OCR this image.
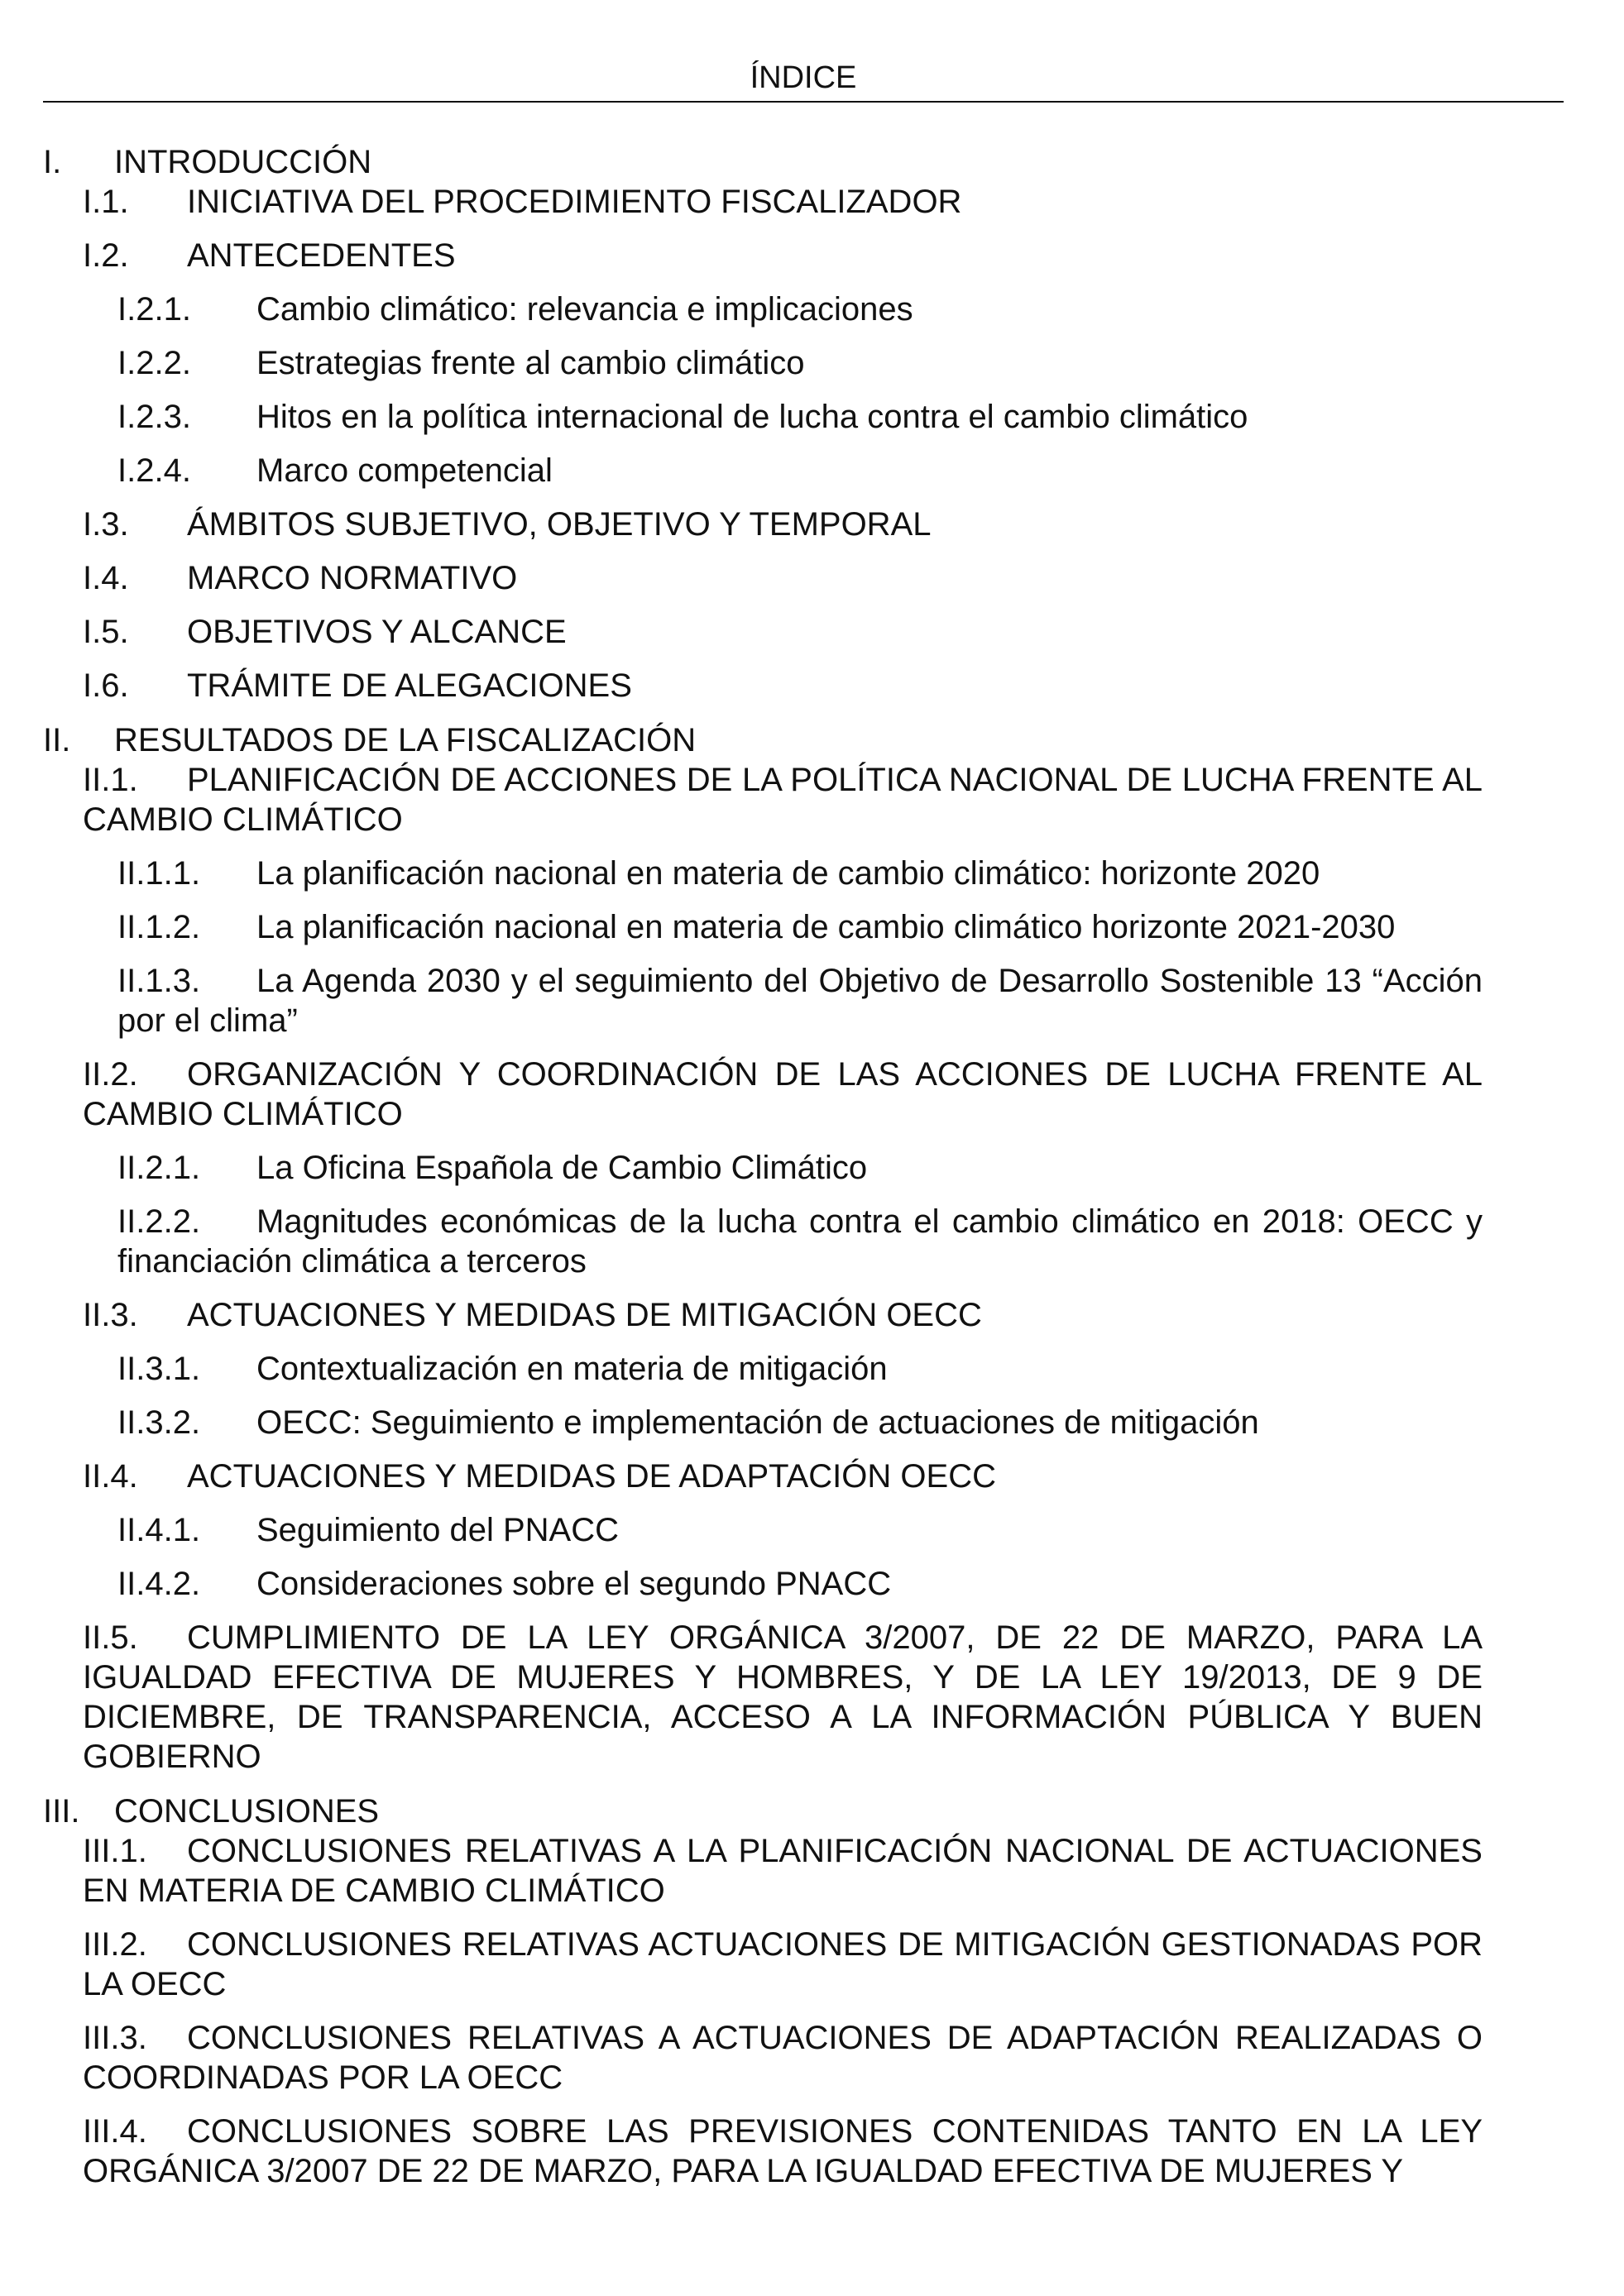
ÍNDICE
I. INTRODUCCIÓN
I.1. INICIATIVA DEL PROCEDIMIENTO FISCALIZADOR
I.2. ANTECEDENTES
I.2.1. Cambio climático: relevancia e implicaciones
I.2.2. Estrategias frente al cambio climático
I.2.3. Hitos en la política internacional de lucha contra el cambio climático
I.2.4. Marco competencial
I.3. ÁMBITOS SUBJETIVO, OBJETIVO Y TEMPORAL
I.4. MARCO NORMATIVO
I.5. OBJETIVOS Y ALCANCE
I.6. TRÁMITE DE ALEGACIONES
II. RESULTADOS DE LA FISCALIZACIÓN
II.1. PLANIFICACIÓN DE ACCIONES DE LA POLÍTICA NACIONAL DE LUCHA FRENTE AL CAMBIO CLIMÁTICO
II.1.1. La planificación nacional en materia de cambio climático: horizonte 2020
II.1.2. La planificación nacional en materia de cambio climático horizonte 2021-2030
II.1.3. La Agenda 2030 y el seguimiento del Objetivo de Desarrollo Sostenible 13 “Acción por el clima”
II.2. ORGANIZACIÓN Y COORDINACIÓN DE LAS ACCIONES DE LUCHA FRENTE AL CAMBIO CLIMÁTICO
II.2.1. La Oficina Española de Cambio Climático
II.2.2. Magnitudes económicas de la lucha contra el cambio climático en 2018: OECC y financiación climática a terceros
II.3. ACTUACIONES Y MEDIDAS DE MITIGACIÓN OECC
II.3.1. Contextualización en materia de mitigación
II.3.2. OECC: Seguimiento e implementación de actuaciones de mitigación
II.4. ACTUACIONES Y MEDIDAS DE ADAPTACIÓN OECC
II.4.1. Seguimiento del PNACC
II.4.2. Consideraciones sobre el segundo PNACC
II.5. CUMPLIMIENTO DE LA LEY ORGÁNICA 3/2007, DE 22 DE MARZO, PARA LA IGUALDAD EFECTIVA DE MUJERES Y HOMBRES, Y DE LA LEY 19/2013, DE 9 DE DICIEMBRE, DE TRANSPARENCIA, ACCESO A LA INFORMACIÓN PÚBLICA Y BUEN GOBIERNO
III. CONCLUSIONES
III.1. CONCLUSIONES RELATIVAS A LA PLANIFICACIÓN NACIONAL DE ACTUACIONES EN MATERIA DE CAMBIO CLIMÁTICO
III.2. CONCLUSIONES RELATIVAS ACTUACIONES DE MITIGACIÓN GESTIONADAS POR LA OECC
III.3. CONCLUSIONES RELATIVAS A ACTUACIONES DE ADAPTACIÓN REALIZADAS O COORDINADAS POR LA OECC
III.4. CONCLUSIONES SOBRE LAS PREVISIONES CONTENIDAS TANTO EN LA LEY ORGÁNICA 3/2007 DE 22 DE MARZO, PARA LA IGUALDAD EFECTIVA DE MUJERES Y
